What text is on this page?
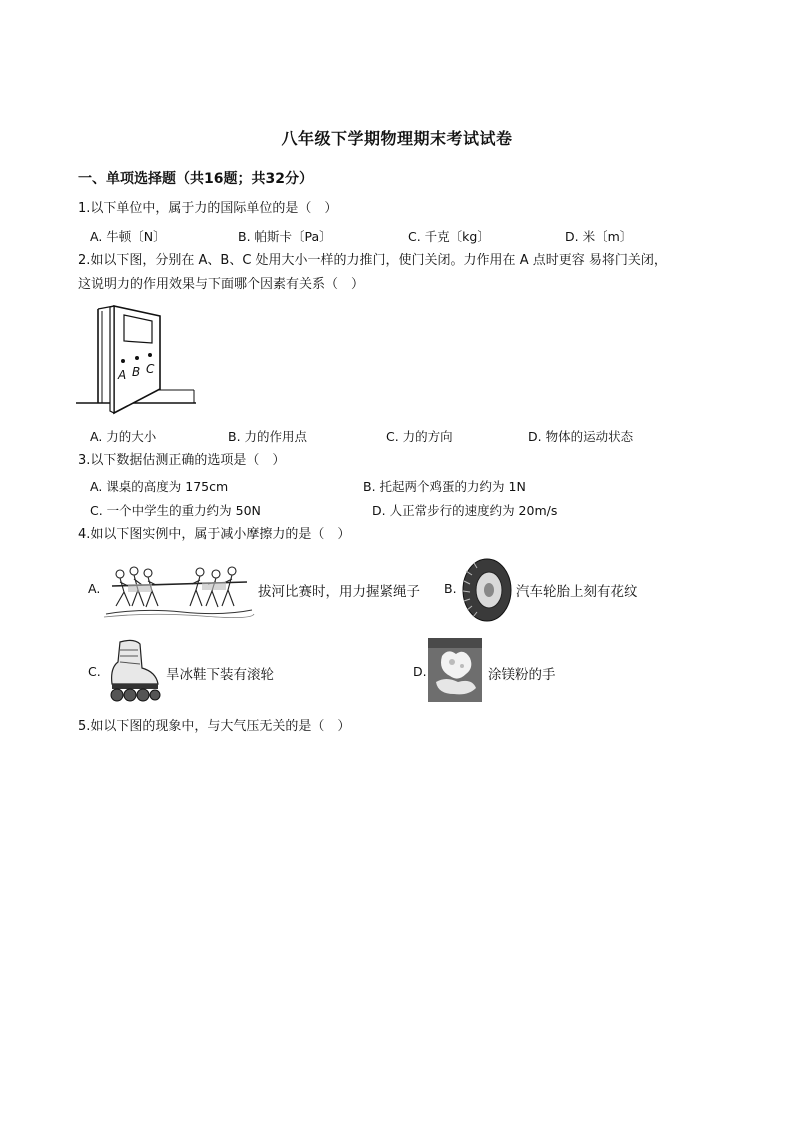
八年级下学期物理期末考试试卷
一、单项选择题（共16题；共32分）
1.以下单位中，属于力的国际单位的是（　）
A. 牛顿〔N〕	B. 帕斯卡〔Pa〕	C. 千克〔kg〕	D. 米〔m〕
2.如以下图，分别在 A、B、C 处用大小一样的力推门，使门关闭。力作用在 A 点时更容 易将门关闭，
这说明力的作用效果与下面哪个因素有关系（　）
A B C
A. 力的大小	B. 力的作用点	C. 力的方向	D. 物体的运动状态
3.以下数据估测正确的选项是（　）
A. 课桌的高度为 175cm	B. 托起两个鸡蛋的力约为 1N
C. 一个中学生的重力约为 50N	D. 人正常步行的速度约为 20m/s
4.如以下图实例中，属于减小摩擦力的是（　）
A.	拔河比赛时，用力握紧绳子 B.	汽车轮胎上刻有花纹
C.	旱冰鞋下装有滚轮	D.	涂镁粉的手
5.如以下图的现象中，与大气压无关的是（　）
